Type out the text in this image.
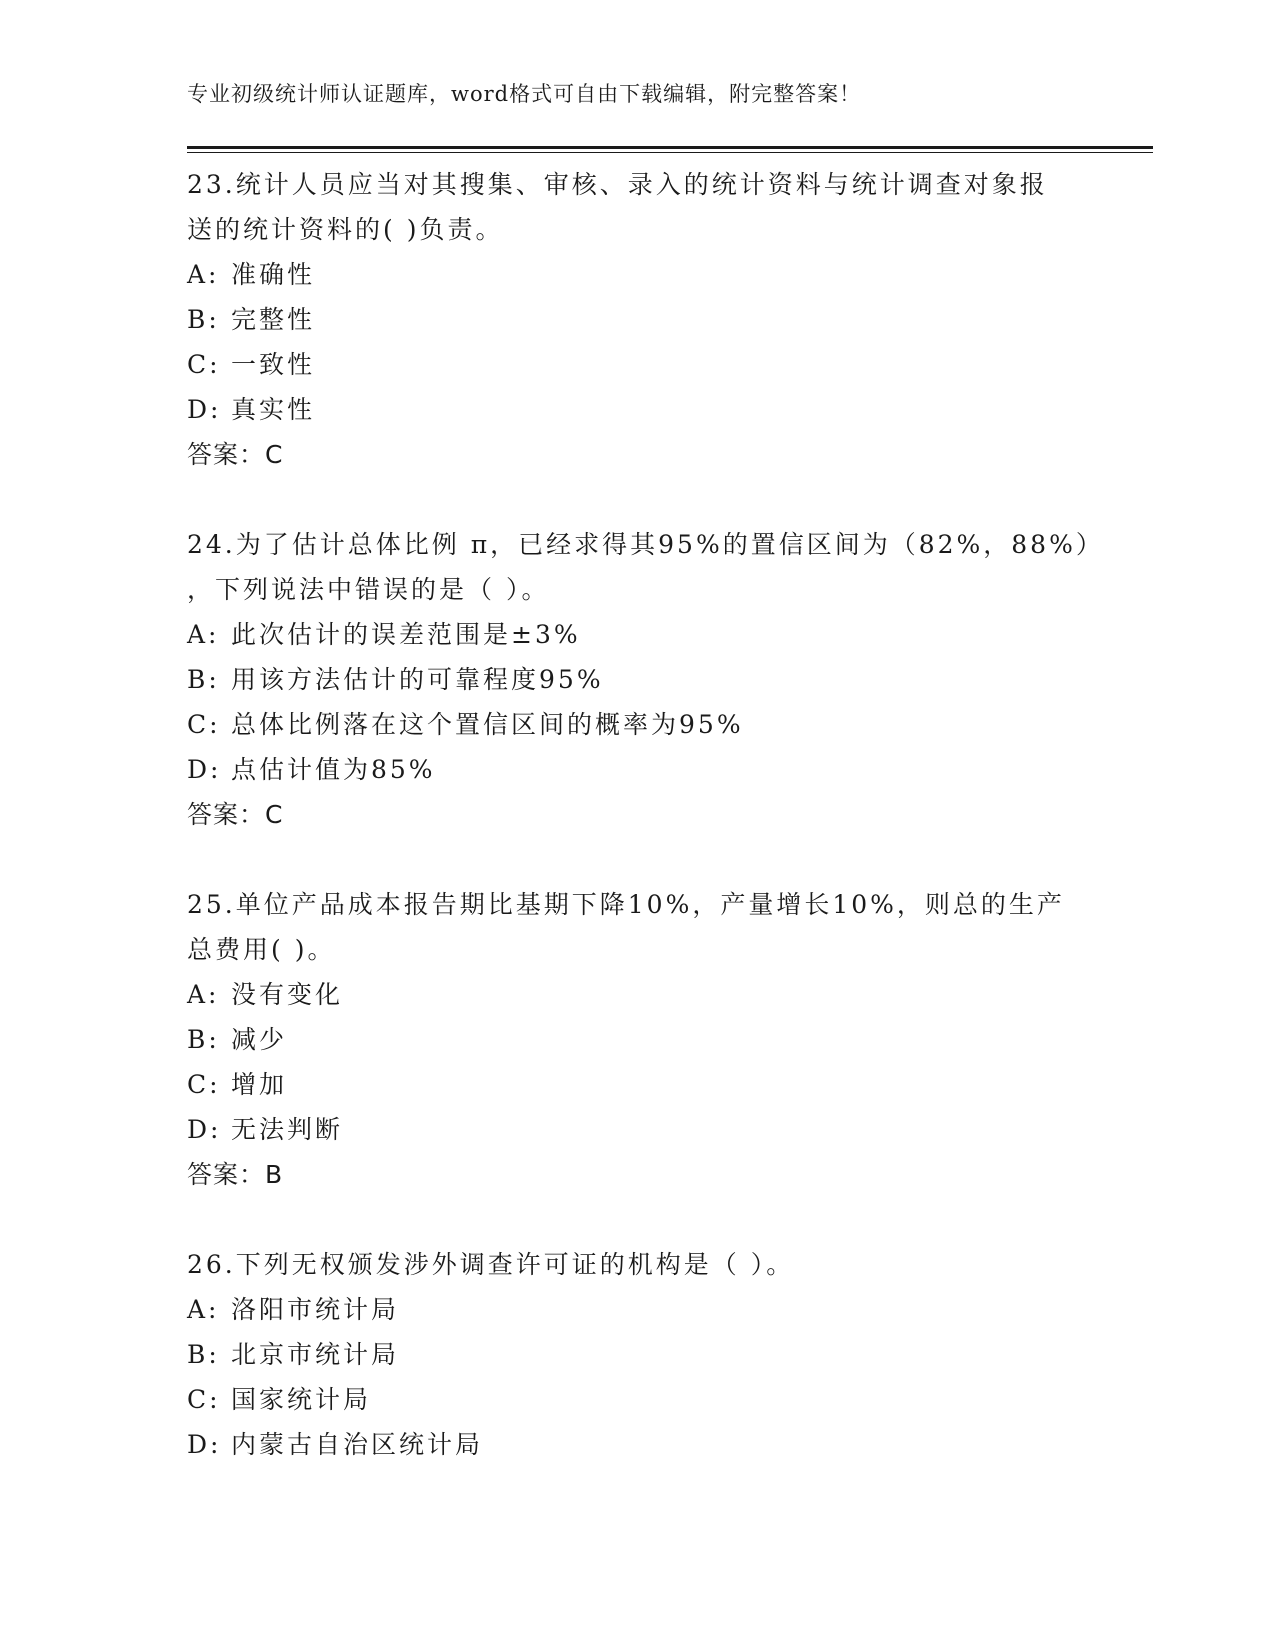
专业初级统计师认证题库，word格式可自由下载编辑，附完整答案！
23.统计人员应当对其搜集、审核、录入的统计资料与统计调查对象报
送的统计资料的( )负责。
A: 准确性
B: 完整性
C: 一致性
D: 真实性
答案：C
24.为了估计总体比例 π，已经求得其95%的置信区间为（82%，88%）
，下列说法中错误的是（ ）。
A: 此次估计的误差范围是±3%
B: 用该方法估计的可靠程度95%
C: 总体比例落在这个置信区间的概率为95%
D: 点估计值为85%
答案：C
25.单位产品成本报告期比基期下降10%，产量增长10%，则总的生产
总费用( )。
A: 没有变化
B: 减少
C: 增加
D: 无法判断
答案：B
26.下列无权颁发涉外调查许可证的机构是（ ）。
A: 洛阳市统计局
B: 北京市统计局
C: 国家统计局
D: 内蒙古自治区统计局
